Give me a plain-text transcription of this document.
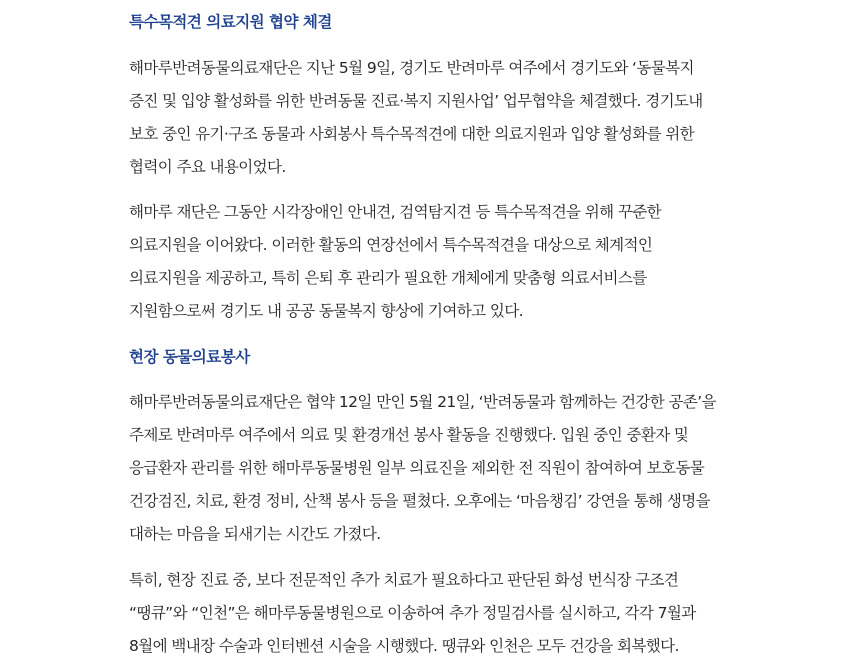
특수목적견 의료지원 협약 체결

해마루반려동물의료재단은 지난 5월 9일, 경기도 반려마루 여주에서 경기도와 ‘동물복지
증진 및 입양 활성화를 위한 반려동물 진료·복지 지원사업’ 업무협약을 체결했다. 경기도내
보호 중인 유기·구조 동물과 사회봉사 특수목적견에 대한 의료지원과 입양 활성화를 위한
협력이 주요 내용이었다.

해마루 재단은 그동안 시각장애인 안내견, 검역탐지견 등 특수목적견을 위해 꾸준한
의료지원을 이어왔다. 이러한 활동의 연장선에서 특수목적견을 대상으로 체계적인
의료지원을 제공하고, 특히 은퇴 후 관리가 필요한 개체에게 맞춤형 의료서비스를
지원함으로써 경기도 내 공공 동물복지 향상에 기여하고 있다.

현장 동물의료봉사

해마루반려동물의료재단은 협약 12일 만인 5월 21일, ‘반려동물과 함께하는 건강한 공존’을
주제로 반려마루 여주에서 의료 및 환경개선 봉사 활동을 진행했다. 입원 중인 중환자 및
응급환자 관리를 위한 해마루동물병원 일부 의료진을 제외한 전 직원이 참여하여 보호동물
건강검진, 치료, 환경 정비, 산책 봉사 등을 펼쳤다. 오후에는 ‘마음챙김’ 강연을 통해 생명을
대하는 마음을 되새기는 시간도 가졌다.

특히, 현장 진료 중, 보다 전문적인 추가 치료가 필요하다고 판단된 화성 번식장 구조견
“땡큐”와 “인천”은 해마루동물병원으로 이송하여 추가 정밀검사를 실시하고, 각각 7월과
8월에 백내장 수술과 인터벤션 시술을 시행했다. 땡큐와 인천은 모두 건강을 회복했다.
